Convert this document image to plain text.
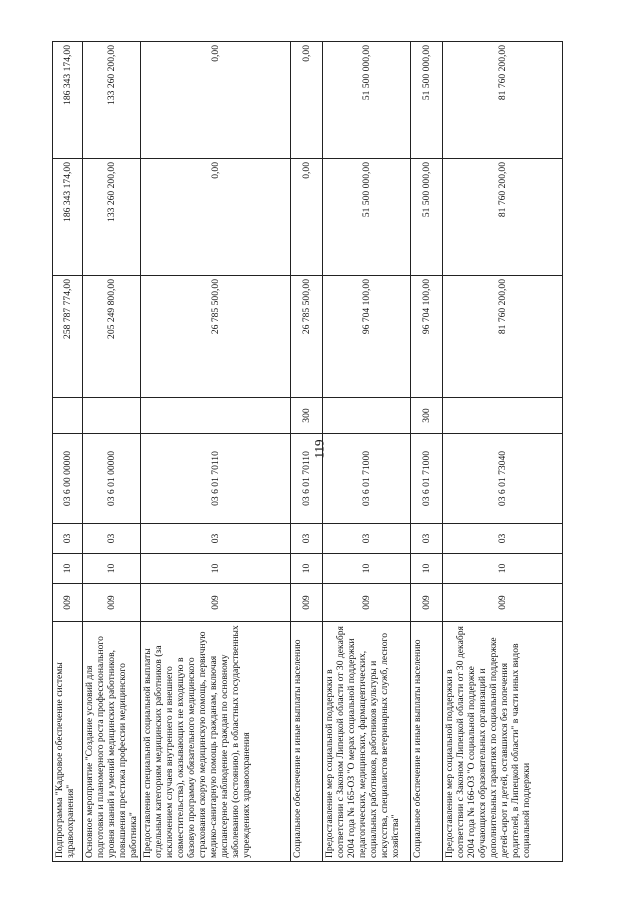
119
Подпрограмма "Кадровое обеспечение системы здравоохранения"	009	10	03	03 6 00 00000		258 787 774,00	186 343 174,00	186 343 174,00
Основное мероприятие "Создание условий для подготовки и планомерного роста профессионального уровня знаний и умений медицинских работников, повышения престижа профессии медицинского работника"	009	10	03	03 6 01 00000		205 249 800,00	133 260 200,00	133 260 200,00
Предоставление специальной социальной выплаты отдельным категориям медицинских работников (за исключением случаев внутреннего и внешнего совместительства), оказывающих не входящую в базовую программу обязательного медицинского страхования скорую медицинскую помощь, первичную медико-санитарную помощь гражданам, включая диспансерное наблюдение граждан по основному заболеванию (состоянию), в областных государственных учреждениях здравоохранения	009	10	03	03 6 01 70110		26 785 500,00	0,00	0,00
Социальное обеспечение и иные выплаты населению	009	10	03	03 6 01 70110	300	26 785 500,00	0,00	0,00
Предоставление мер социальной поддержки в соответствии с Законом Липецкой области от 30 декабря 2004 года № 165-ОЗ "О мерах социальной поддержки педагогических, медицинских, фармацевтических, социальных работников, работников культуры и искусства, специалистов ветеринарных служб, лесного хозяйства"	009	10	03	03 6 01 71000		96 704 100,00	51 500 000,00	51 500 000,00
Социальное обеспечение и иные выплаты населению	009	10	03	03 6 01 71000	300	96 704 100,00	51 500 000,00	51 500 000,00
Предоставление мер социальной поддержки в соответствии с Законом Липецкой области от 30 декабря 2004 года № 166-ОЗ "О социальной поддержке обучающихся образовательных организаций и дополнительных гарантиях по социальной поддержке детей-сирот и детей, оставшихся без попечения родителей, в Липецкой области" в части иных видов социальной поддержки	009	10	03	03 6 01 73040		81 760 200,00	81 760 200,00	81 760 200,00
